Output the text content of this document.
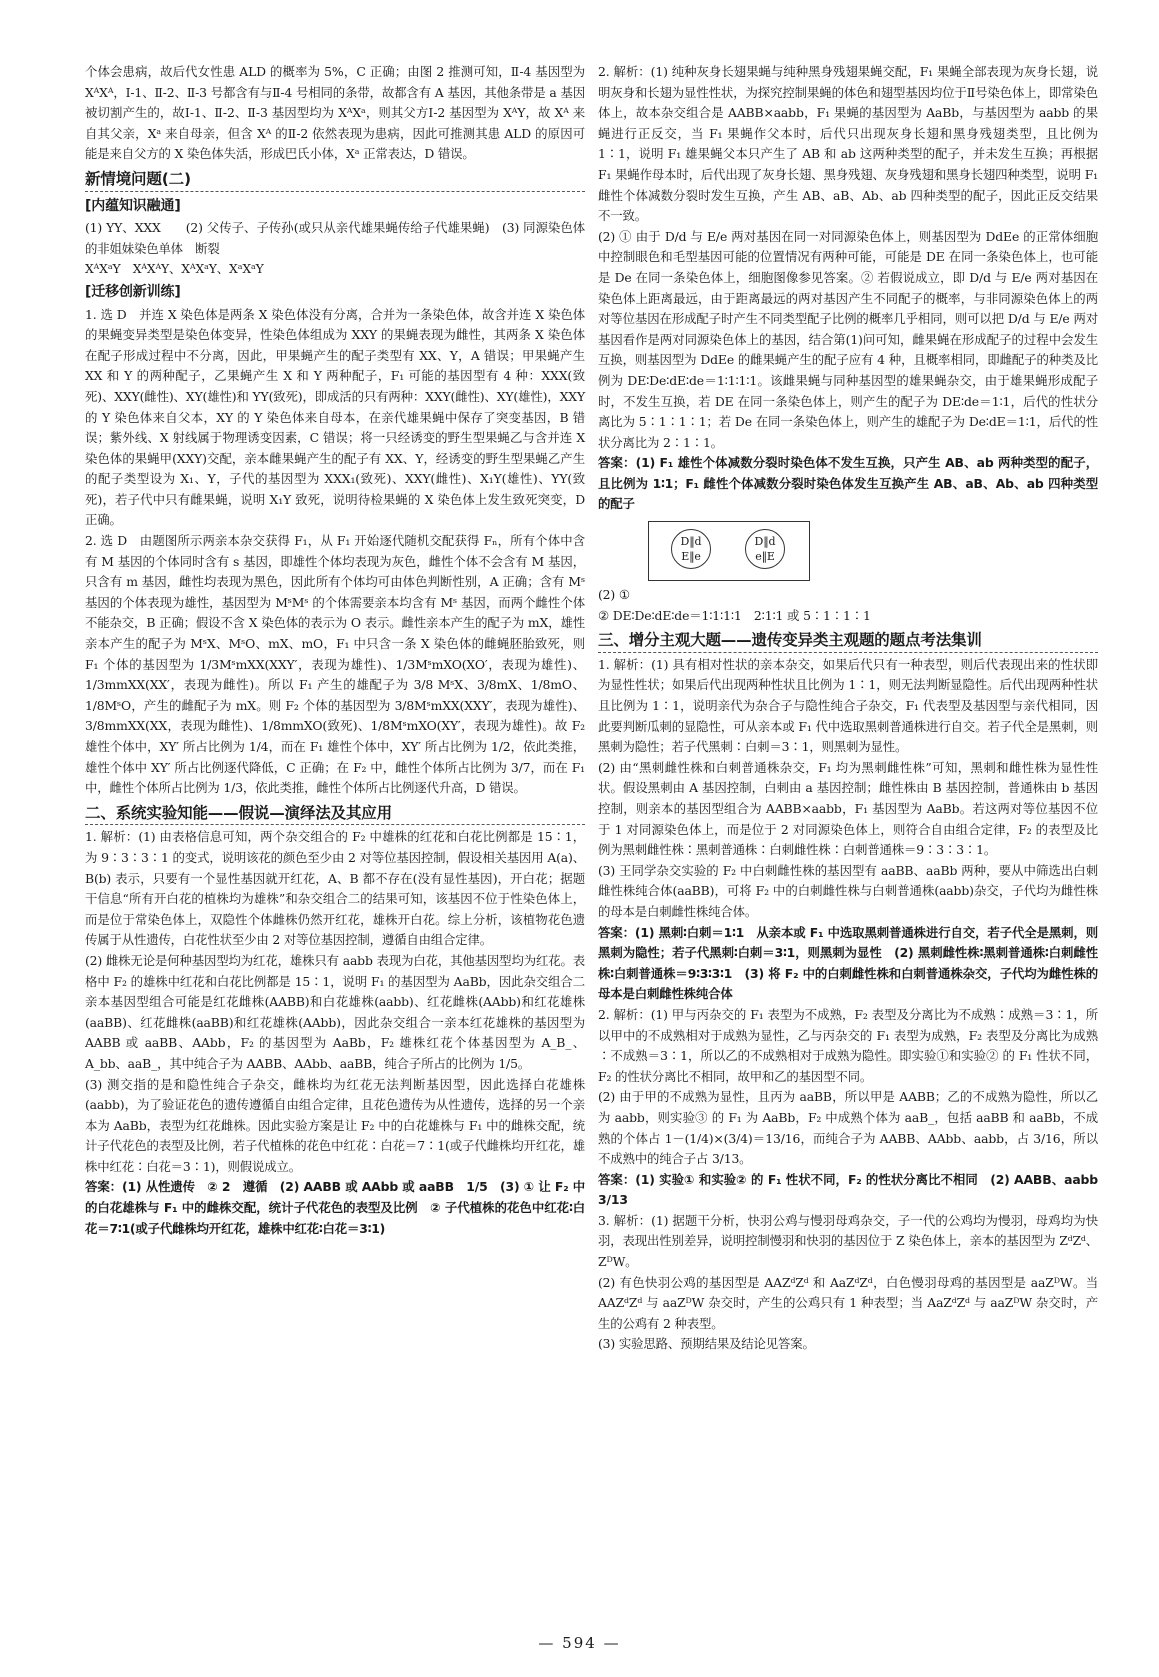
个体会患病，故后代女性患 ALD 的概率为 5%，C 正确；由图 2 推测可知，Ⅱ-4 基因型为 XᴬXᴬ，Ⅰ-1、Ⅱ-2、Ⅱ-3 号都含有与Ⅱ-4 号相同的条带，故都含有 A 基因，其他条带是 a 基因被切割产生的，故Ⅰ-1、Ⅱ-2、Ⅱ-3 基因型均为 XᴬXᵃ，则其父方Ⅰ-2 基因型为 XᴬY，故 Xᴬ 来自其父亲，Xᵃ 来自母亲，但含 Xᴬ 的Ⅱ-2 依然表现为患病，因此可推测其患 ALD 的原因可能是来自父方的 X 染色体失活，形成巴氏小体，Xᵃ 正常表达，D 错误。

新情境问题(二)
[内蕴知识融通]

(1) YY、XXX　　(2) 父传子、子传孙(或只从亲代雄果蝇传给子代雄果蝇)　(3) 同源染色体的非姐妹染色单体　断裂

XᴬXᵃY　XᴬXᴬY、XᴬXᵃY、XᵃXᵃY

[迁移创新训练]

1. 选 D　并连 X 染色体是两条 X 染色体没有分离，合并为一条染色体，故含并连 X 染色体的果蝇变异类型是染色体变异，性染色体组成为 XXY 的果蝇表现为雌性，其两条 X 染色体在配子形成过程中不分离，因此，甲果蝇产生的配子类型有 XX、Y，A 错误；甲果蝇产生 XX 和 Y 的两种配子，乙果蝇产生 X 和 Y 两种配子，F₁ 可能的基因型有 4 种：XXX(致死)、XXY(雌性)、XY(雄性)和 YY(致死)，即成活的只有两种：XXY(雌性)、XY(雄性)，XXY 的 Y 染色体来自父本，XY 的 Y 染色体来自母本，在亲代雄果蝇中保存了突变基因，B 错误；紫外线、X 射线属于物理诱变因素，C 错误；将一只经诱变的野生型果蝇乙与含并连 X 染色体的果蝇甲(XXY)交配，亲本雌果蝇产生的配子有 XX、Y，经诱变的野生型果蝇乙产生的配子类型设为 X₁、Y，子代的基因型为 XXX₁(致死)、XXY(雌性)、X₁Y(雄性)、YY(致死)，若子代中只有雌果蝇，说明 X₁Y 致死，说明待检果蝇的 X 染色体上发生致死突变，D 正确。

2. 选 D　由题图所示两亲本杂交获得 F₁，从 F₁ 开始逐代随机交配获得 Fₙ，所有个体中含有 M 基因的个体同时含有 s 基因，即雄性个体均表现为灰色，雌性个体不会含有 M 基因，只含有 m 基因，雌性均表现为黑色，因此所有个体均可由体色判断性别，A 正确；含有 Mˢ 基因的个体表现为雄性，基因型为 MˢMˢ 的个体需要亲本均含有 Mˢ 基因，而两个雌性个体不能杂交，B 正确；假设不含 X 染色体的表示为 O 表示。雌性亲本产生的配子为 mX，雄性亲本产生的配子为 MˢX、MˢO、mX、mO，F₁ 中只含一条 X 染色体的雌蝇胚胎致死，则 F₁ 个体的基因型为 1/3MˢmXX(XXY′，表现为雄性)、1/3MˢmXO(XO′，表现为雄性)、1/3mmXX(XX′，表现为雌性)。所以 F₁ 产生的雄配子为 3/8 MˢX、3/8mX、1/8mO、1/8MˢO，产生的雌配子为 mX。则 F₂ 个体的基因型为 3/8MˢmXX(XXY′，表现为雄性)、3/8mmXX(XX，表现为雌性)、1/8mmXO(致死)、1/8MˢmXO(XY′，表现为雄性)。故 F₂ 雄性个体中，XY′ 所占比例为 1/4，而在 F₁ 雄性个体中，XY′ 所占比例为 1/2，依此类推，雄性个体中 XY′ 所占比例逐代降低，C 正确；在 F₂ 中，雌性个体所占比例为 3/7，而在 F₁ 中，雌性个体所占比例为 1/3，依此类推，雌性个体所占比例逐代升高，D 错误。

二、系统实验知能——假说—演绎法及其应用

1. 解析：(1) 由表格信息可知，两个杂交组合的 F₂ 中雄株的红花和白花比例都是 15∶1，为 9∶3∶3∶1 的变式，说明该花的颜色至少由 2 对等位基因控制，假设相关基因用 A(a)、B(b) 表示，只要有一个显性基因就开红花，A、B 都不存在(没有显性基因)，开白花；据题干信息“所有开白花的植株均为雄株”和杂交组合二的结果可知，该基因不位于性染色体上，而是位于常染色体上，双隐性个体雌株仍然开红花，雄株开白花。综上分析，该植物花色遗传属于从性遗传，白花性状至少由 2 对等位基因控制，遵循自由组合定律。

(2) 雌株无论是何种基因型均为红花，雄株只有 aabb 表现为白花，其他基因型均为红花。表格中 F₂ 的雄株中红花和白花比例都是 15∶1，说明 F₁ 的基因型为 AaBb，因此杂交组合二亲本基因型组合可能是红花雌株(AABB)和白花雄株(aabb)、红花雌株(AAbb)和红花雄株(aaBB)、红花雌株(aaBB)和红花雄株(AAbb)，因此杂交组合一亲本红花雄株的基因型为 AABB 或 aaBB、AAbb，F₂ 的基因型为 AaBb，F₂ 雄株红花个体基因型为 A_B_、A_bb、aaB_，其中纯合子为 AABB、AAbb、aaBB，纯合子所占的比例为 1/5。

(3) 测交指的是和隐性纯合子杂交，雌株均为红花无法判断基因型，因此选择白花雄株(aabb)，为了验证花色的遗传遵循自由组合定律，且花色遗传为从性遗传，选择的另一个亲本为 AaBb，表型为红花雌株。因此实验方案是让 F₂ 中的白花雄株与 F₁ 中的雌株交配，统计子代花色的表型及比例，若子代植株的花色中红花∶白花＝7∶1(或子代雌株均开红花，雄株中红花∶白花＝3∶1)，则假说成立。

答案：(1) 从性遗传　② 2　遵循　(2) AABB 或 AAbb 或 aaBB　1/5　(3) ① 让 F₂ 中的白花雄株与 F₁ 中的雌株交配，统计子代花色的表型及比例　② 子代植株的花色中红花∶白花＝7∶1(或子代雌株均开红花，雄株中红花∶白花＝3∶1)

2. 解析：(1) 纯种灰身长翅果蝇与纯种黑身残翅果蝇交配，F₁ 果蝇全部表现为灰身长翅，说明灰身和长翅为显性性状，为探究控制果蝇的体色和翅型基因均位于Ⅱ号染色体上，即常染色体上，故本杂交组合是 AABB×aabb，F₁ 果蝇的基因型为 AaBb，与基因型为 aabb 的果蝇进行正反交，当 F₁ 果蝇作父本时，后代只出现灰身长翅和黑身残翅类型，且比例为 1∶1，说明 F₁ 雄果蝇父本只产生了 AB 和 ab 这两种类型的配子，并未发生互换；再根据 F₁ 果蝇作母本时，后代出现了灰身长翅、黑身残翅、灰身残翅和黑身长翅四种类型，说明 F₁ 雌性个体减数分裂时发生互换，产生 AB、aB、Ab、ab 四种类型的配子，因此正反交结果不一致。

(2) ① 由于 D/d 与 E/e 两对基因在同一对同源染色体上，则基因型为 DdEe 的正常体细胞中控制眼色和毛型基因可能的位置情况有两种可能，可能是 DE 在同一条染色体上，也可能是 De 在同一条染色体上，细胞图像参见答案。② 若假说成立，即 D/d 与 E/e 两对基因在染色体上距离最远，由于距离最远的两对基因产生不同配子的概率，与非同源染色体上的两对等位基因在形成配子时产生不同类型配子比例的概率几乎相同，则可以把 D/d 与 E/e 两对基因看作是两对同源染色体上的基因，结合第(1)问可知，雌果蝇在形成配子的过程中会发生互换，则基因型为 DdEe 的雌果蝇产生的配子应有 4 种，且概率相同，即雌配子的种类及比例为 DE∶De∶dE∶de＝1∶1∶1∶1。该雌果蝇与同种基因型的雄果蝇杂交，由于雄果蝇形成配子时，不发生互换，若 DE 在同一条染色体上，则产生的配子为 DE∶de＝1∶1，后代的性状分离比为 5∶1∶1∶1；若 De 在同一条染色体上，则产生的雄配子为 De∶dE＝1∶1，后代的性状分离比为 2∶1∶1。

答案：(1) F₁ 雄性个体减数分裂时染色体不发生互换，只产生 AB、ab 两种类型的配子，且比例为 1∶1；F₁ 雌性个体减数分裂时染色体发生互换产生 AB、aB、Ab、ab 四种类型的配子

D‖d E‖e
D‖d e‖E

(2) ①

② DE∶De∶dE∶de＝1∶1∶1∶1　2∶1∶1 或 5∶1∶1∶1

三、增分主观大题——遗传变异类主观题的题点考法集训

1. 解析：(1) 具有相对性状的亲本杂交，如果后代只有一种表型，则后代表现出来的性状即为显性性状；如果后代出现两种性状且比例为 1∶1，则无法判断显隐性。后代出现两种性状且比例为 1∶1，说明亲代为杂合子与隐性纯合子杂交，F₁ 代表型及基因型与亲代相同，因此要判断瓜刺的显隐性，可从亲本或 F₁ 代中选取黑刺普通株进行自交。若子代全是黑刺，则黑刺为隐性；若子代黑刺∶白刺＝3∶1，则黑刺为显性。

(2) 由“黑刺雌性株和白刺普通株杂交，F₁ 均为黑刺雌性株”可知，黑刺和雌性株为显性性状。假设黑刺由 A 基因控制，白刺由 a 基因控制；雌性株由 B 基因控制，普通株由 b 基因控制，则亲本的基因型组合为 AABB×aabb，F₁ 基因型为 AaBb。若这两对等位基因不位于 1 对同源染色体上，而是位于 2 对同源染色体上，则符合自由组合定律，F₂ 的表型及比例为黑刺雌性株∶黑刺普通株∶白刺雌性株∶白刺普通株＝9∶3∶3∶1。

(3) 王同学杂交实验的 F₂ 中白刺雌性株的基因型有 aaBB、aaBb 两种，要从中筛选出白刺雌性株纯合体(aaBB)，可将 F₂ 中的白刺雌性株与白刺普通株(aabb)杂交，子代均为雌性株的母本是白刺雌性株纯合体。

答案：(1) 黑刺∶白刺＝1∶1　从亲本或 F₁ 中选取黑刺普通株进行自交，若子代全是黑刺，则黑刺为隐性；若子代黑刺∶白刺＝3∶1，则黑刺为显性　(2) 黑刺雌性株∶黑刺普通株∶白刺雌性株∶白刺普通株＝9∶3∶3∶1　(3) 将 F₂ 中的白刺雌性株和白刺普通株杂交，子代均为雌性株的母本是白刺雌性株纯合体

2. 解析：(1) 甲与丙杂交的 F₁ 表型为不成熟，F₂ 表型及分离比为不成熟∶成熟＝3∶1，所以甲中的不成熟相对于成熟为显性，乙与丙杂交的 F₁ 表型为成熟，F₂ 表型及分离比为成熟∶不成熟＝3∶1，所以乙的不成熟相对于成熟为隐性。即实验①和实验② 的 F₁ 性状不同，F₂ 的性状分离比不相同，故甲和乙的基因型不同。

(2) 由于甲的不成熟为显性，且丙为 aaBB，所以甲是 AABB；乙的不成熟为隐性，所以乙为 aabb，则实验③ 的 F₁ 为 AaBb，F₂ 中成熟个体为 aaB_，包括 aaBB 和 aaBb，不成熟的个体占 1－(1/4)×(3/4)＝13/16，而纯合子为 AABB、AAbb、aabb，占 3/16，所以不成熟中的纯合子占 3/13。

答案：(1) 实验① 和实验② 的 F₁ 性状不同，F₂ 的性状分离比不相同　(2) AABB、aabb　3/13

3. 解析：(1) 据题干分析，快羽公鸡与慢羽母鸡杂交，子一代的公鸡均为慢羽，母鸡均为快羽，表现出性别差异，说明控制慢羽和快羽的基因位于 Z 染色体上，亲本的基因型为 ZᵈZᵈ、ZᴰW。

(2) 有色快羽公鸡的基因型是 AAZᵈZᵈ 和 AaZᵈZᵈ，白色慢羽母鸡的基因型是 aaZᴰW。当 AAZᵈZᵈ 与 aaZᴰW 杂交时，产生的公鸡只有 1 种表型；当 AaZᵈZᵈ 与 aaZᴰW 杂交时，产生的公鸡有 2 种表型。

(3) 实验思路、预期结果及结论见答案。

— 594 —
